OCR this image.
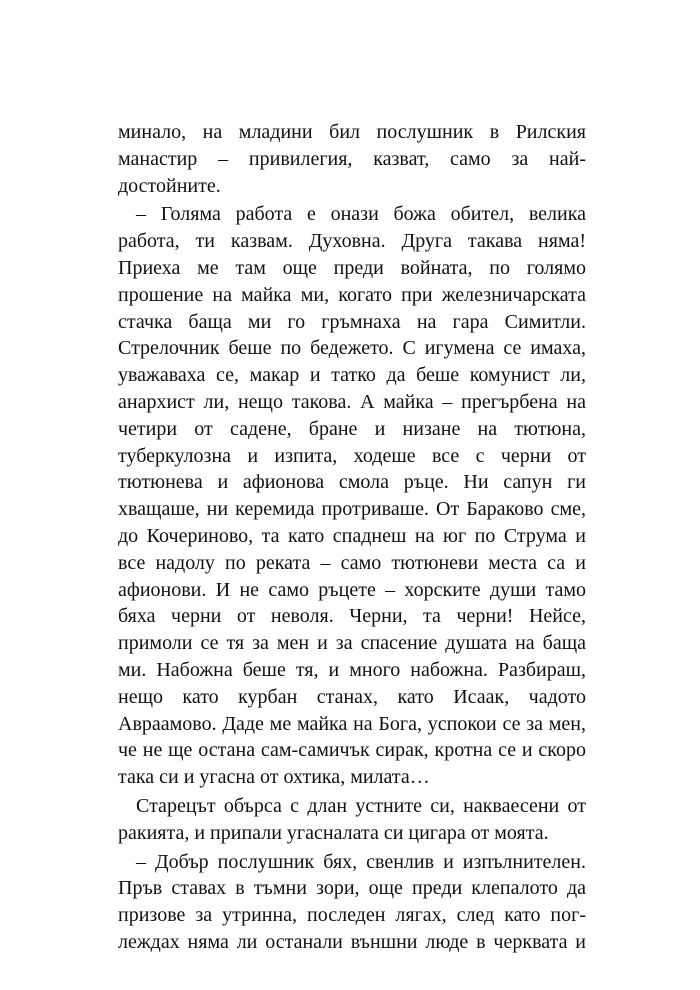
минало, на младини бил послушник в Рилския
манастир – привилегия, казват, само за най-
достойните.

– Голяма работа е онази божа обител, велика
работа, ти казвам. Духовна. Друга такава няма!
Приеха ме там още преди войната, по голямо
прошение на майка ми, когато при железничарската
стачка баща ми го гръмнаха на гара Симитли.
Стрелочник беше по бедежето. С игумена се имаха,
уважаваха се, макар и татко да беше комунист ли,
анархист ли, нещо такова. А майка – прегърбена на
четири от садене, бране и низане на тютюна,
туберкулозна и изпита, ходеше все с черни от
тютюнева и афионова смола ръце. Ни сапун ги
хващаше, ни керемида протриваше. От Бараково сме,
до Кочериново, та като спаднеш на юг по Струма и
все надолу по реката – само тютюневи места са и
афионови. И не само ръцете – хорските души тамо
бяха черни от неволя. Черни, та черни! Нейсе,
примоли се тя за мен и за спасение душата на баща
ми. Набожна беше тя, и много набожна. Разбираш,
нещо като курбан станах, като Исаак, чадото
Авраамово. Даде ме майка на Бога, успокои се за мен,
че не ще остана сам-самичък сирак, кротна се и скоро
така си и угасна от охтика, милата…

Старецът обърса с длан устните си, накваесени от
ракията, и припали угасналата си цигара от моята.

– Добър послушник бях, свенлив и изпълнителен.
Пръв ставах в тъмни зори, още преди клепалото да
призове за утринна, последен лягах, след като пог-
леждах няма ли останали външни люде в черквата и
